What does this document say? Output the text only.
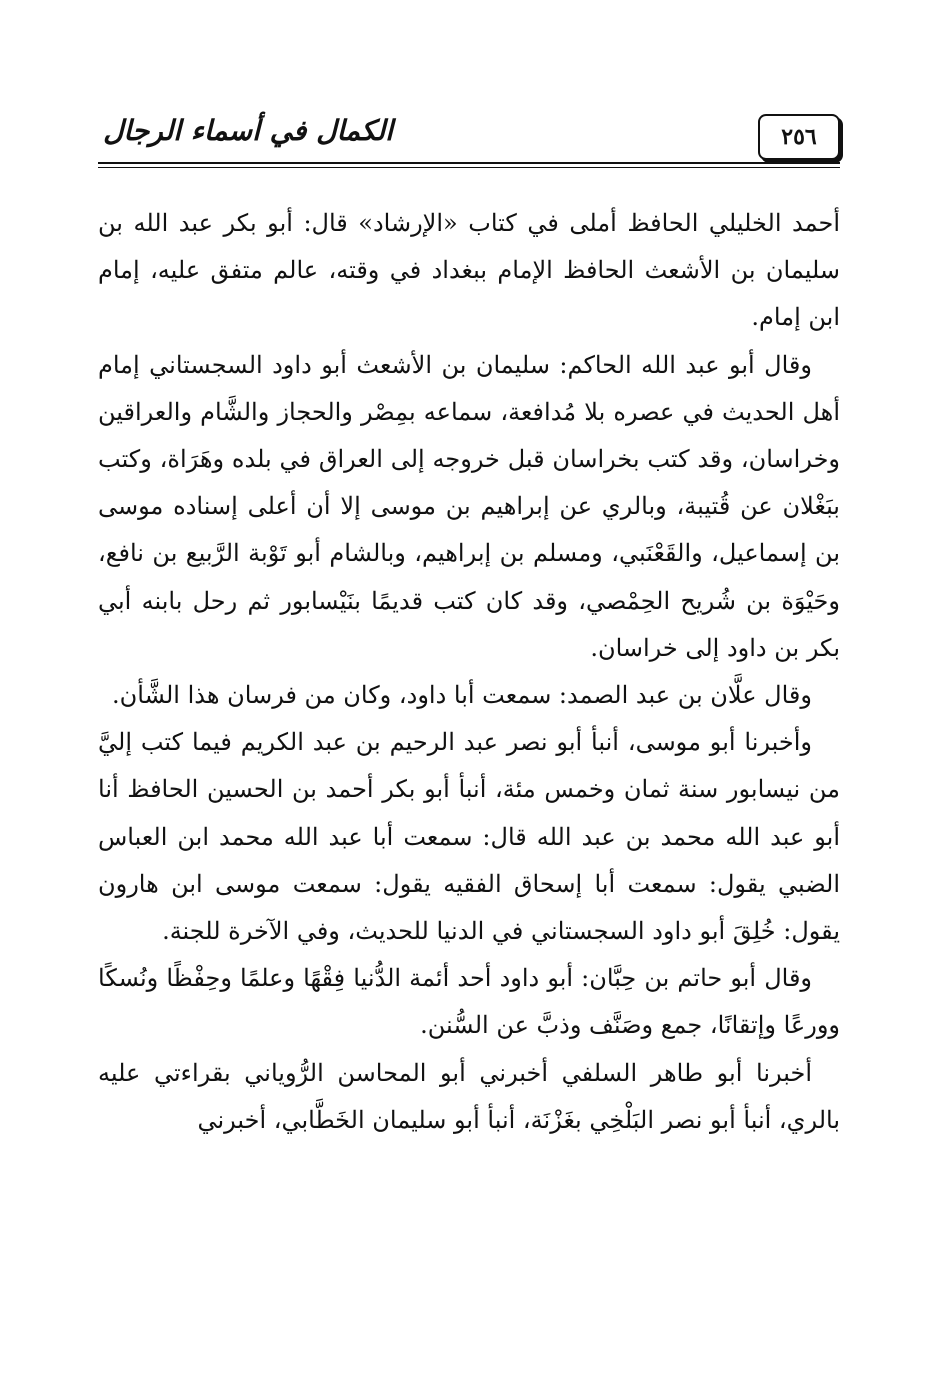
الكمال في أسماء الرجال	٢٥٦

أحمد الخليلي الحافظ أملى في كتاب «الإرشاد» قال: أبو بكر عبد الله بن سليمان بن الأشعث الحافظ الإمام ببغداد في وقته، عالم متفق عليه، إمام ابن إمام.

وقال أبو عبد الله الحاكم: سليمان بن الأشعث أبو داود السجستاني إمام أهل الحديث في عصره بلا مُدافعة، سماعه بمِصْر والحجاز والشَّام والعراقين وخراسان، وقد كتب بخراسان قبل خروجه إلى العراق في بلده وهَرَاة، وكتب ببَغْلان عن قُتيبة، وبالري عن إبراهيم بن موسى إلا أن أعلى إسناده موسى بن إسماعيل، والقَعْنَبي، ومسلم بن إبراهيم، وبالشام أبو تَوْبة الرَّبيع بن نافع، وحَيْوَة بن شُريح الحِمْصي، وقد كان كتب قديمًا بنَيْسابور ثم رحل بابنه أبي بكر بن داود إلى خراسان.

وقال علَّان بن عبد الصمد: سمعت أبا داود، وكان من فرسان هذا الشَّأن.

وأخبرنا أبو موسى، أنبأ أبو نصر عبد الرحيم بن عبد الكريم فيما كتب إليَّ من نيسابور سنة ثمان وخمس مئة، أنبأ أبو بكر أحمد بن الحسين الحافظ أنا أبو عبد الله محمد بن عبد الله قال: سمعت أبا عبد الله محمد ابن العباس الضبي يقول: سمعت أبا إسحاق الفقيه يقول: سمعت موسى ابن هارون يقول: خُلِقَ أبو داود السجستاني في الدنيا للحديث، وفي الآخرة للجنة.

وقال أبو حاتم بن حِبَّان: أبو داود أحد أئمة الدُّنيا فِقْهًا وعلمًا وحِفْظًا ونُسكًا وورعًا وإتقانًا، جمع وصَنَّف وذبَّ عن السُّنن.

أخبرنا أبو طاهر السلفي أخبرني أبو المحاسن الرُّوياني بقراءتي عليه بالري، أنبأ أبو نصر البَلْخِي بغَزْنَة، أنبأ أبو سليمان الخَطَّابي، أخبرني
